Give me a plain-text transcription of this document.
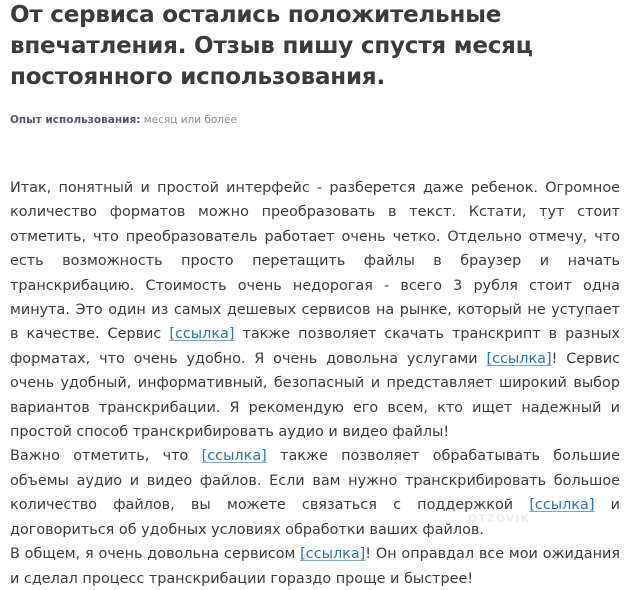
От сервиса остались положительные впечатления. Отзыв пишу спустя месяц постоянного использования.
Опыт использования: месяц или более

Итак, понятный и простой интерфейс - разберется даже ребенок. Огромное количество форматов можно преобразовать в текст. Кстати, тут стоит отметить, что преобразователь работает очень четко. Отдельно отмечу, что есть возможность просто перетащить файлы в браузер и начать транскрибацию. Стоимость очень недорогая - всего 3 рубля стоит одна минута. Это один из самых дешевых сервисов на рынке, который не уступает в качестве. Сервис [ссылка] также позволяет скачать транскрипт в разных форматах, что очень удобно. Я очень довольна услугами [ссылка]! Сервис очень удобный, информативный, безопасный и представляет широкий выбор вариантов транскрибации. Я рекомендую его всем, кто ищет надежный и простой способ транскрибировать аудио и видео файлы!

Важно отметить, что [ссылка] также позволяет обрабатывать большие объемы аудио и видео файлов. Если вам нужно транскрибировать большое количество файлов, вы можете связаться с поддержкой [ссылка] и договориться об удобных условиях обработки ваших файлов.

В общем, я очень довольна сервисом [ссылка]! Он оправдал все мои ожидания и сделал процесс транскрибации гораздо проще и быстрее!

OTZOVIK
